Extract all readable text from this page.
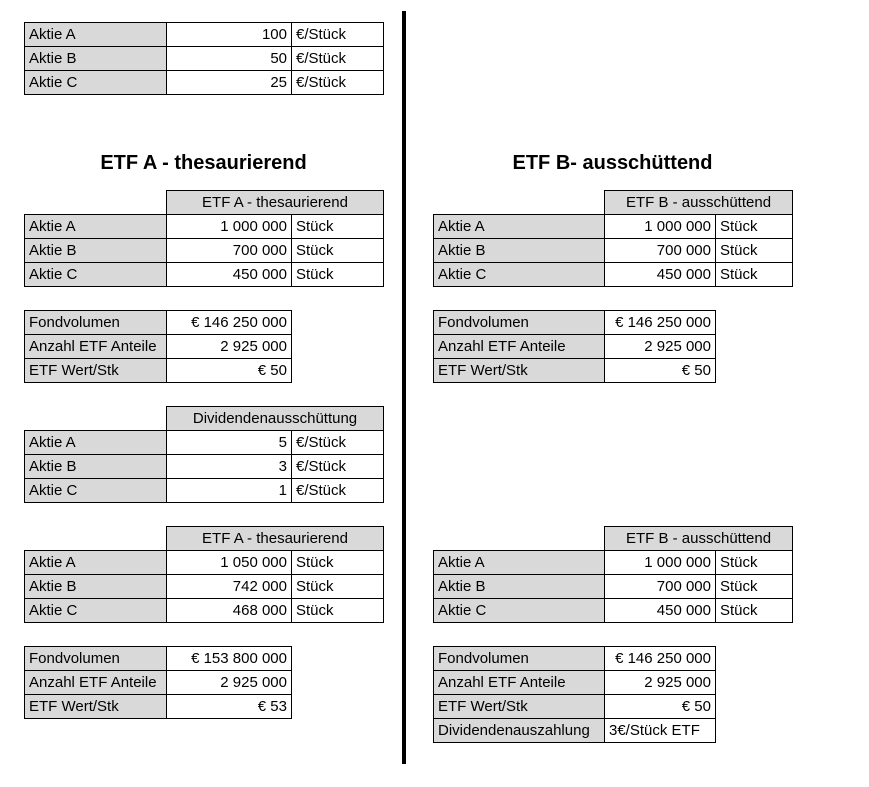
Aktie A	100	€/Stück
Aktie B	50	€/Stück
Aktie C	25	€/Stück
ETF A - thesaurierend	ETF B- ausschüttend
	ETF A - thesaurierend	
Aktie A	1 000 000	Stück
Aktie B	700 000	Stück
Aktie C	450 000	Stück
Fondvolumen	€ 146 250 000
Anzahl ETF Anteile	2 925 000
ETF Wert/Stk	€ 50
	Dividendenausschüttung	
Aktie A	5	€/Stück
Aktie B	3	€/Stück
Aktie C	1	€/Stück
	ETF A - thesaurierend	
Aktie A	1 050 000	Stück
Aktie B	742 000	Stück
Aktie C	468 000	Stück
Fondvolumen	€ 153 800 000
Anzahl ETF Anteile	2 925 000
ETF Wert/Stk	€ 53
	ETF B - ausschüttend	
Aktie A	1 000 000	Stück
Aktie B	700 000	Stück
Aktie C	450 000	Stück
Fondvolumen	€ 146 250 000
Anzahl ETF Anteile	2 925 000
ETF Wert/Stk	€ 50
	ETF B - ausschüttend	
Aktie A	1 000 000	Stück
Aktie B	700 000	Stück
Aktie C	450 000	Stück
Fondvolumen	€ 146 250 000
Anzahl ETF Anteile	2 925 000
ETF Wert/Stk	€ 50
Dividendenauszahlung	3€/Stück ETF
